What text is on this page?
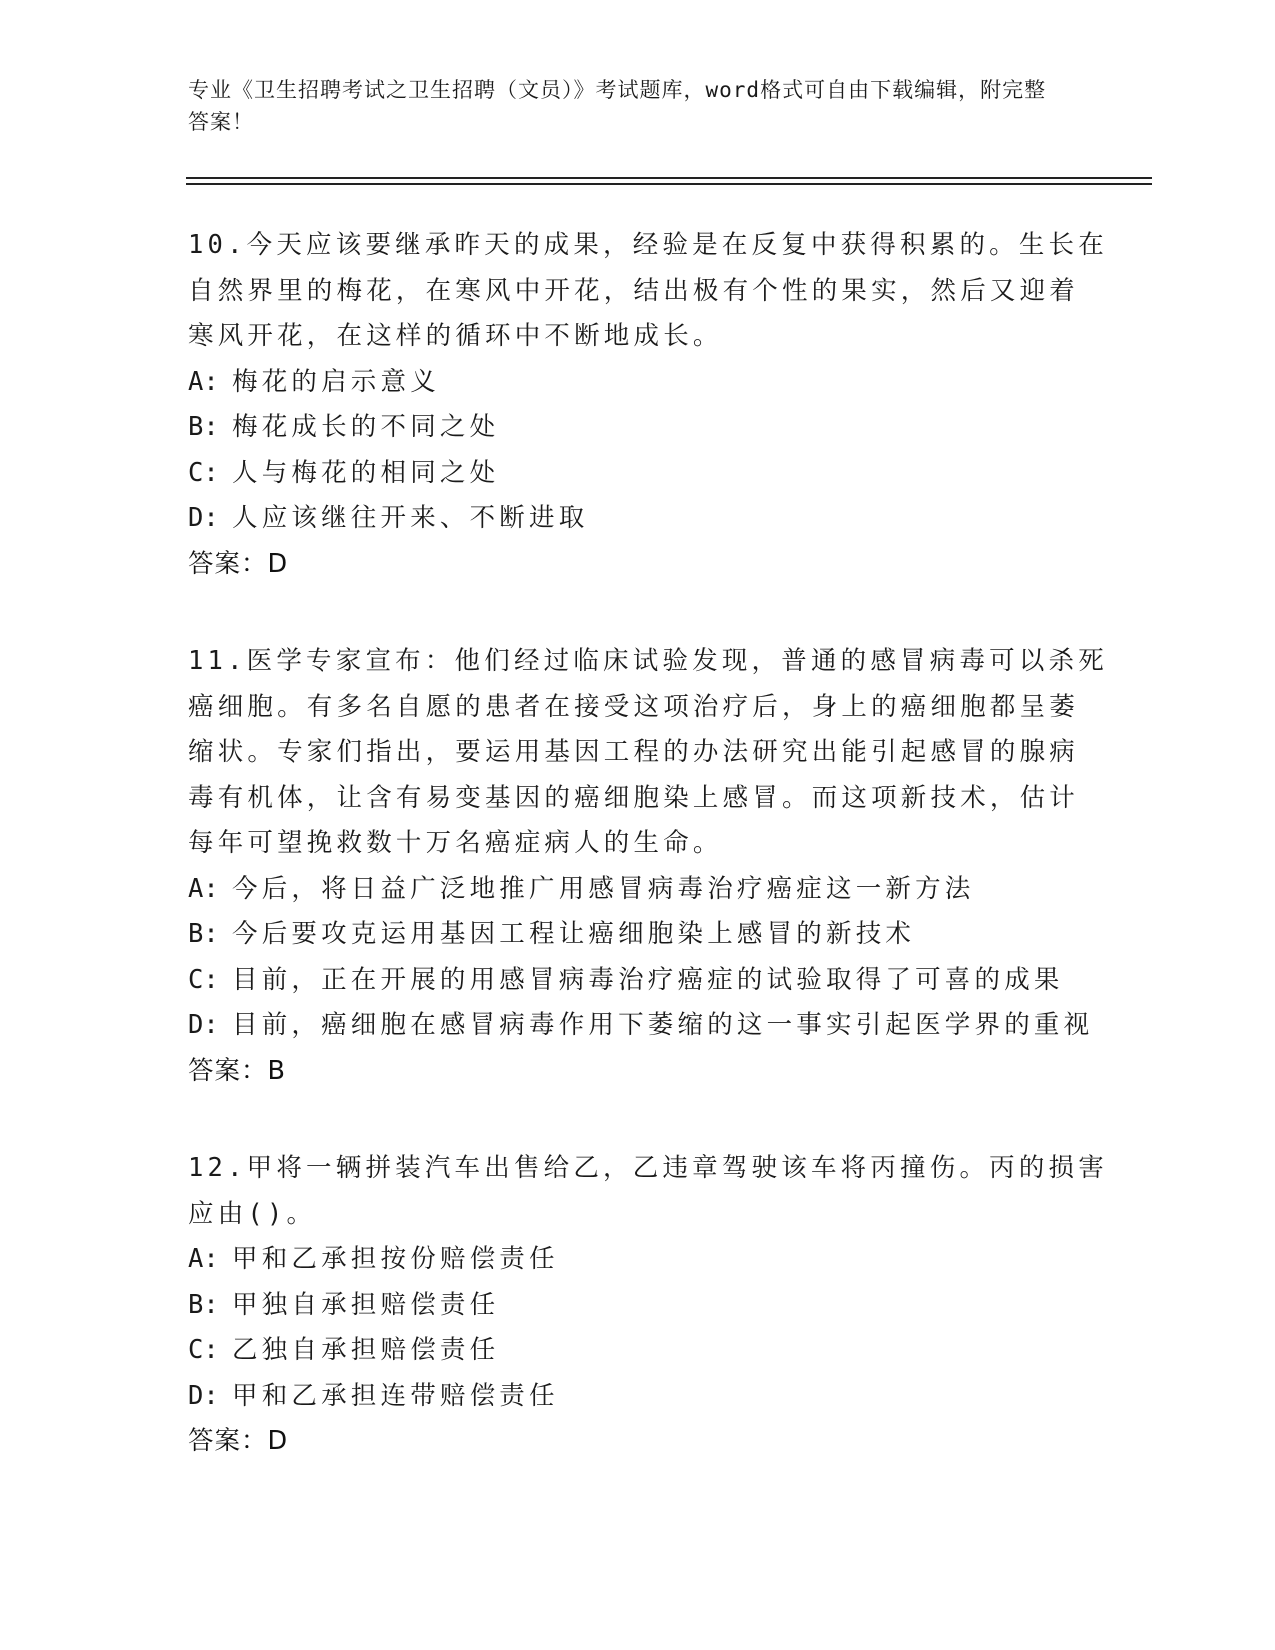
专业《卫生招聘考试之卫生招聘（文员）》考试题库，word格式可自由下载编辑，附完整答案！
10.今天应该要继承昨天的成果，经验是在反复中获得积累的。生长在
自然界里的梅花，在寒风中开花，结出极有个性的果实，然后又迎着
寒风开花，在这样的循环中不断地成长。
A: 梅花的启示意义
B: 梅花成长的不同之处
C: 人与梅花的相同之处
D: 人应该继往开来、不断进取
答案：D
11.医学专家宣布：他们经过临床试验发现，普通的感冒病毒可以杀死
癌细胞。有多名自愿的患者在接受这项治疗后，身上的癌细胞都呈萎
缩状。专家们指出，要运用基因工程的办法研究出能引起感冒的腺病
毒有机体，让含有易变基因的癌细胞染上感冒。而这项新技术，估计
每年可望挽救数十万名癌症病人的生命。
A: 今后，将日益广泛地推广用感冒病毒治疗癌症这一新方法
B: 今后要攻克运用基因工程让癌细胞染上感冒的新技术
C: 目前，正在开展的用感冒病毒治疗癌症的试验取得了可喜的成果
D: 目前，癌细胞在感冒病毒作用下萎缩的这一事实引起医学界的重视
答案：B
12.甲将一辆拼装汽车出售给乙，乙违章驾驶该车将丙撞伤。丙的损害
应由()。
A: 甲和乙承担按份赔偿责任
B: 甲独自承担赔偿责任
C: 乙独自承担赔偿责任
D: 甲和乙承担连带赔偿责任
答案：D
